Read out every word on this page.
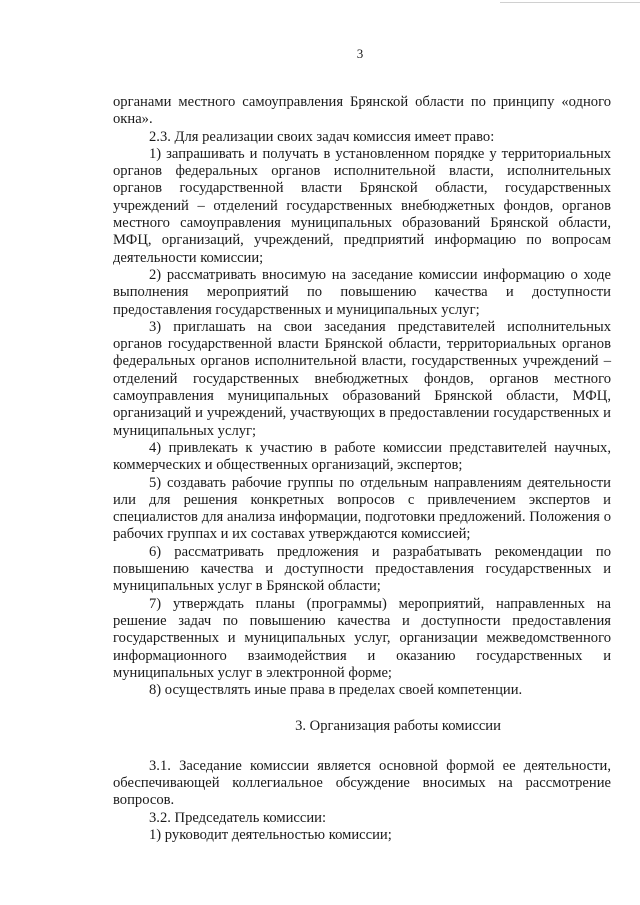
3

органами местного самоуправления Брянской области по принципу «одного окна».

2.3. Для реализации своих задач комиссия имеет право:

1) запрашивать и получать в установленном порядке у территориальных органов федеральных органов исполнительной власти, исполнительных органов государственной власти Брянской области, государственных учреждений – отделений государственных внебюджетных фондов, органов местного самоуправления муниципальных образований Брянской области, МФЦ, организаций, учреждений, предприятий информацию по вопросам деятельности комиссии;

2) рассматривать вносимую на заседание комиссии информацию о ходе выполнения мероприятий по повышению качества и доступности предоставления государственных и муниципальных услуг;

3) приглашать на свои заседания представителей исполнительных органов государственной власти Брянской области, территориальных органов федеральных органов исполнительной власти, государственных учреждений – отделений государственных внебюджетных фондов, органов местного самоуправления муниципальных образований Брянской области, МФЦ, организаций и учреждений, участвующих в предоставлении государственных и муниципальных услуг;

4) привлекать к участию в работе комиссии представителей научных, коммерческих и общественных организаций, экспертов;

5) создавать рабочие группы по отдельным направлениям деятельности или для решения конкретных вопросов с привлечением экспертов и специалистов для анализа информации, подготовки предложений. Положения о рабочих группах и их составах утверждаются комиссией;

6) рассматривать предложения и разрабатывать рекомендации по повышению качества и доступности предоставления государственных и муниципальных услуг в Брянской области;

7) утверждать планы (программы) мероприятий, направленных на решение задач по повышению качества и доступности предоставления государственных и муниципальных услуг, организации межведомственного информационного взаимодействия и оказанию государственных и муниципальных услуг в электронной форме;

8) осуществлять иные права в пределах своей компетенции.

3. Организация работы комиссии

3.1. Заседание комиссии является основной формой ее деятельности, обеспечивающей коллегиальное обсуждение вносимых на рассмотрение вопросов.

3.2. Председатель комиссии:

1) руководит деятельностью комиссии;
